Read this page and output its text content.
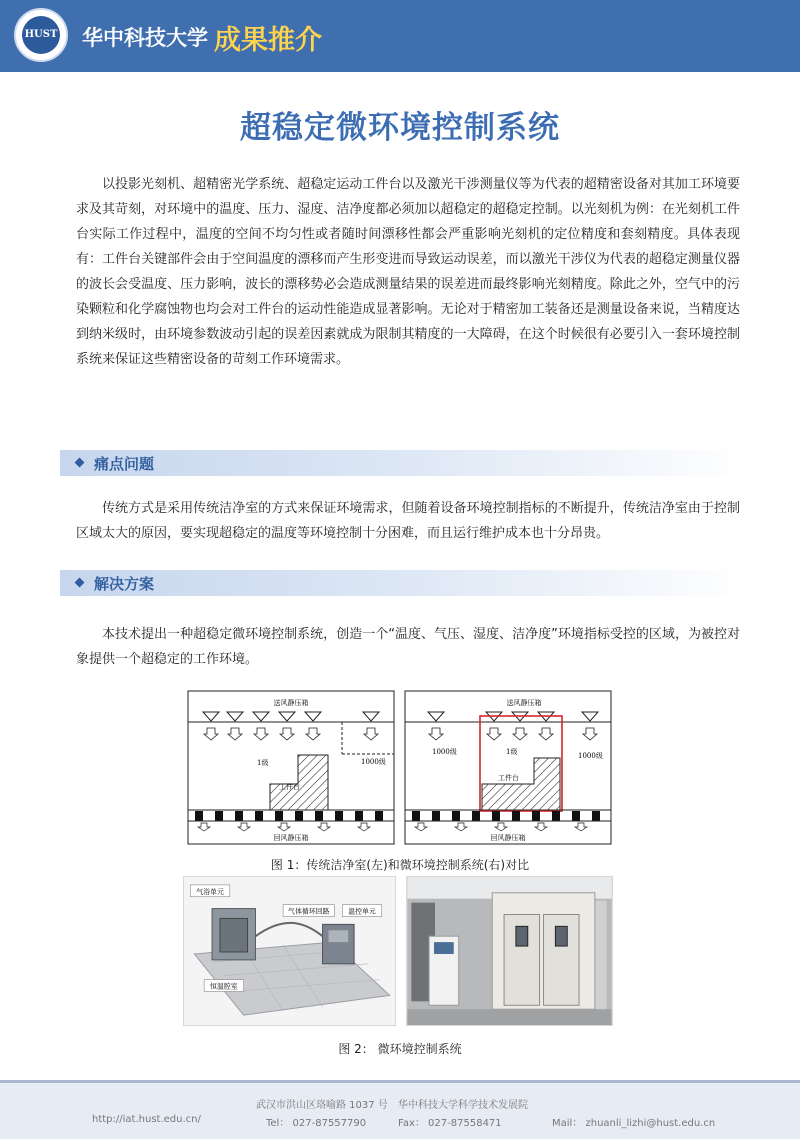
HUST 华中科技大学 成果推介
超稳定微环境控制系统

以投影光刻机、超精密光学系统、超稳定运动工件台以及激光干涉测量仪等为代表的超精密设备对其加工环境要求及其苛刻，对环境中的温度、压力、湿度、洁净度都必须加以超稳定的超稳定控制。以光刻机为例：在光刻机工件台实际工作过程中，温度的空间不均匀性或者随时间漂移性都会严重影响光刻机的定位精度和套刻精度。具体表现有：工件台关键部件会由于空间温度的漂移而产生形变进而导致运动误差，而以激光干涉仪为代表的超稳定测量仪器的波长会受温度、压力影响，波长的漂移势必会造成测量结果的误差进而最终影响光刻精度。除此之外，空气中的污染颗粒和化学腐蚀物也均会对工件台的运动性能造成显著影响。无论对于精密加工装备还是测量设备来说，当精度达到纳米级时，由环境参数波动引起的误差因素就成为限制其精度的一大障碍，在这个时候很有必要引入一套环境控制系统来保证这些精密设备的苛刻工作环境需求。

痛点问题

传统方式是采用传统洁净室的方式来保证环境需求，但随着设备环境控制指标的不断提升，传统洁净室由于控制区域太大的原因，要实现超稳定的温度等环境控制十分困难，而且运行维护成本也十分昂贵。

解决方案

本技术提出一种超稳定微环境控制系统，创造一个“温度、气压、湿度、洁净度”环境指标受控的区域，为被控对象提供一个超稳定的工作环境。

送风静压箱
1级	1000级
回风静压箱
送风静压箱
1000级	1级	1000级
工件台
回风静压箱
图 1：传统洁净室(左)和微环境控制系统(右)对比
气浴单元
气体循环回路	温控单元
恒温腔室
图 2： 微环境控制系统
武汉市洪山区珞喻路 1037 号 华中科技大学科学技术发展院
http://iat.hust.edu.cn/	Tel： 027-87557790	Fax： 027-87558471	Mail： zhuanli_lizhi@hust.edu.cn
